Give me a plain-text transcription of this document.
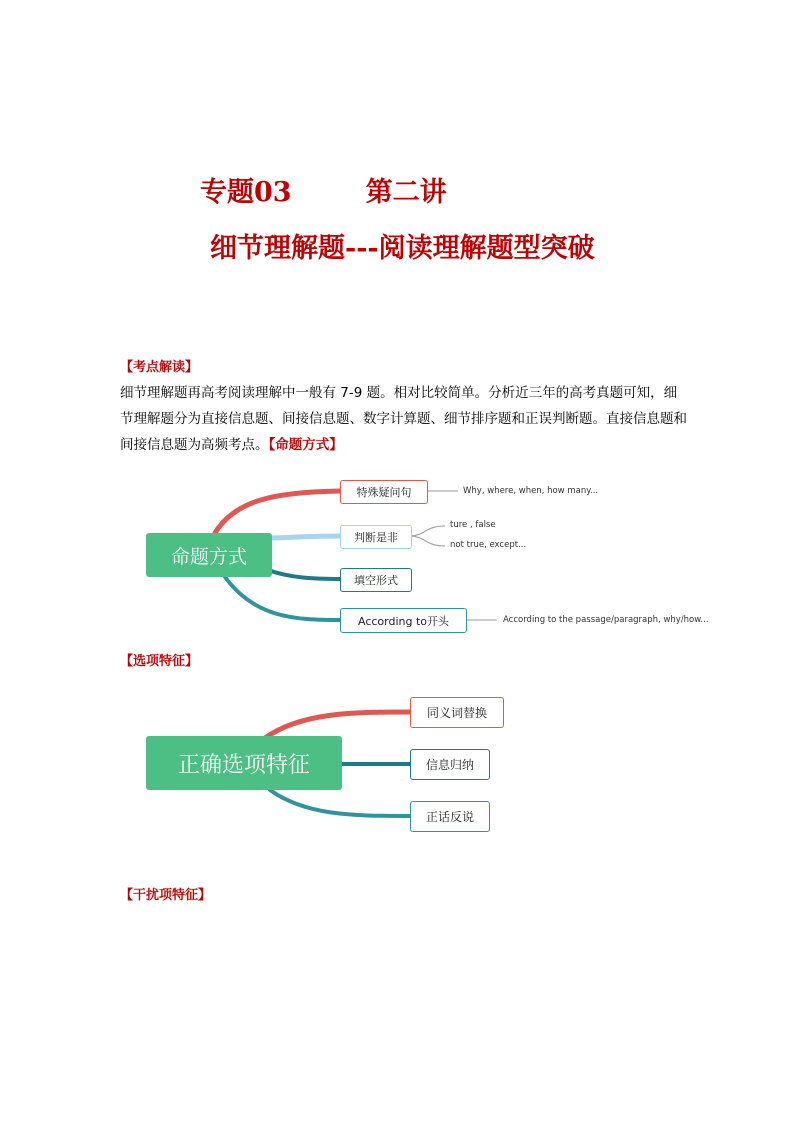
专题03	第二讲
细节理解题---阅读理解题型突破
【考点解读】
细节理解题再高考阅读理解中一般有 7-9 题。相对比较简单。分析近三年的高考真题可知，细节理解题分为直接信息题、间接信息题、数字计算题、细节排序题和正误判断题。直接信息题和间接信息题为高频考点。【命题方式】
命题方式
特殊疑问句	Why, where, when, how many...
判断是非
ture , false
not true, except...
填空形式
According to开头	According to the passage/paragraph, why/how...
【选项特征】
正确选项特征
同义词替换
信息归纳
正话反说
【干扰项特征】
